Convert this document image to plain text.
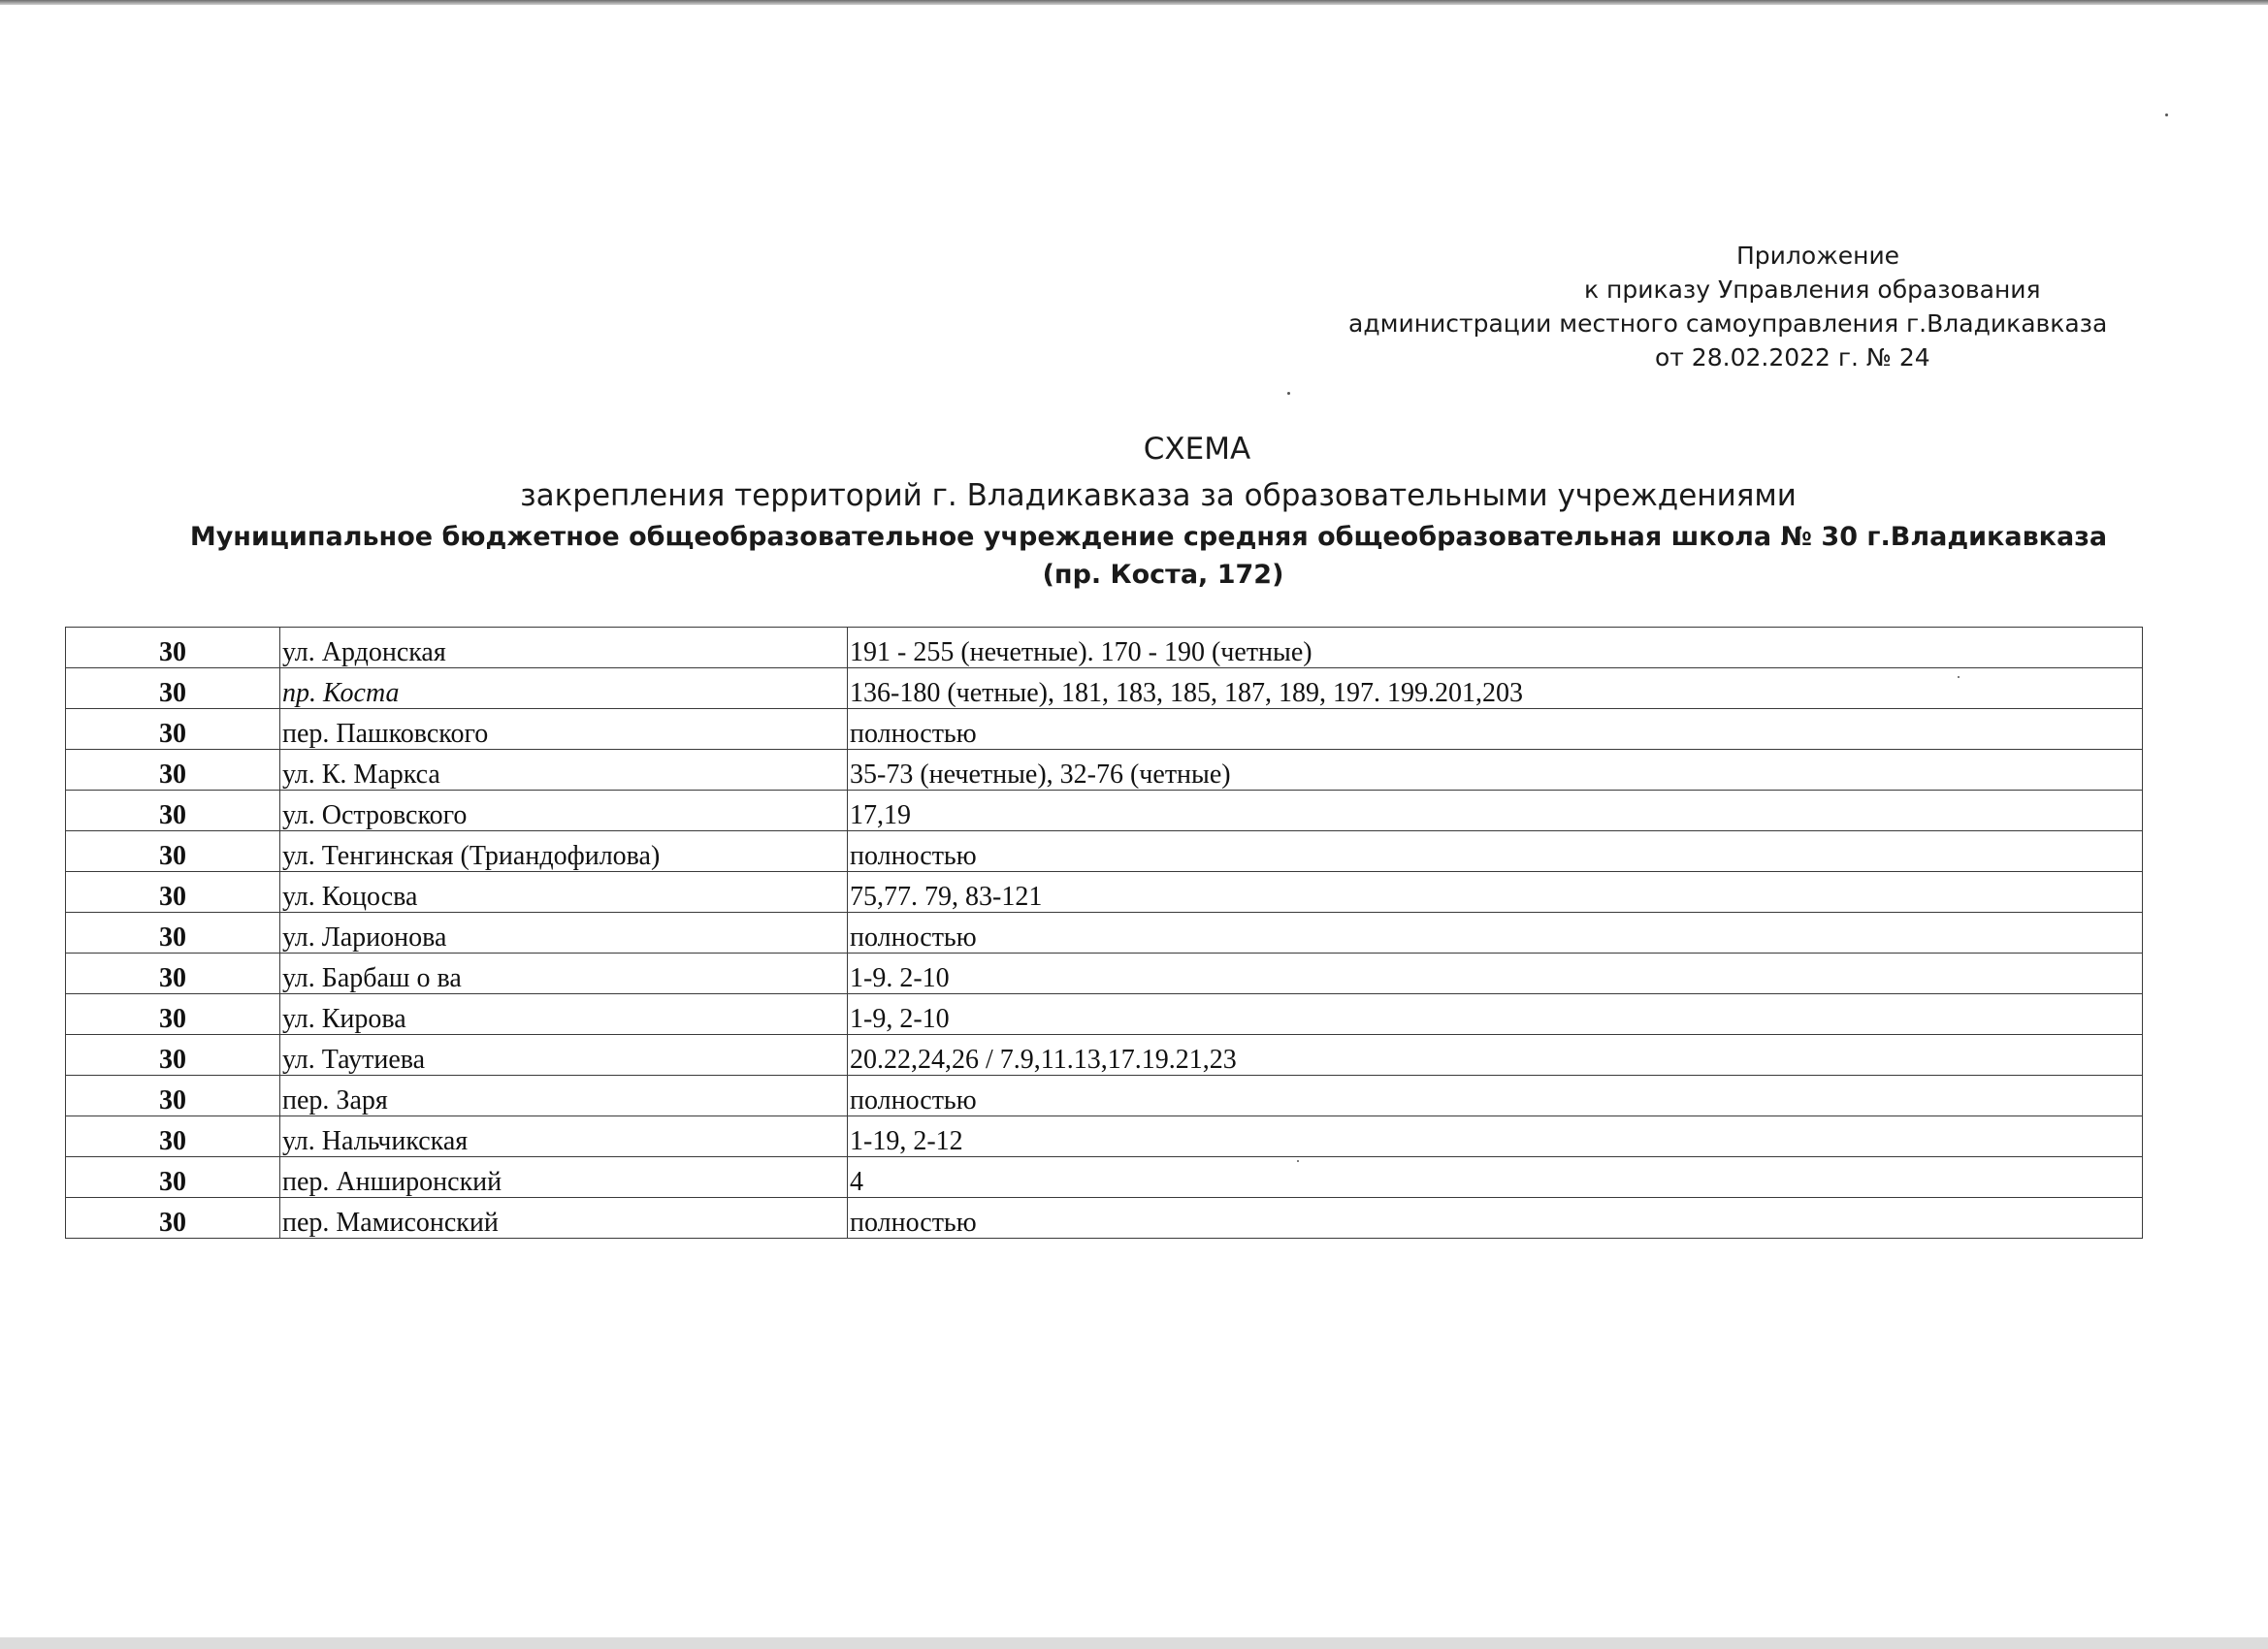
Приложение
к приказу Управления образования
администрации местного самоуправления г.Владикавказа
от 28.02.2022 г. № 24
СХЕМА
закрепления территорий г. Владикавказа за образовательными учреждениями
Муниципальное бюджетное общеобразовательное учреждение средняя общеобразовательная школа № 30 г.Владикавказа
(пр. Коста, 172)
30	ул. Ардонская	191 - 255 (нечетные). 170 - 190 (четные)
30	пр. Коста	136-180 (четные), 181, 183, 185, 187, 189, 197. 199.201,203
30	пер. Пашковского	полностью
30	ул. К. Маркса	35-73 (нечетные), 32-76 (четные)
30	ул. Островского	17,19
30	ул. Тенгинская (Триандофилова)	полностью
30	ул. Коцосва	75,77. 79, 83-121
30	ул. Ларионова	полностью
30	ул. Барбаш о ва	1-9. 2-10
30	ул. Кирова	1-9, 2-10
30	ул. Таутиева	20.22,24,26 / 7.9,11.13,17.19.21,23
30	пер. Заря	полностью
30	ул. Нальчикская	1-19, 2-12
30	пер. Анширонский	4
30	пер. Мамисонский	полностью
